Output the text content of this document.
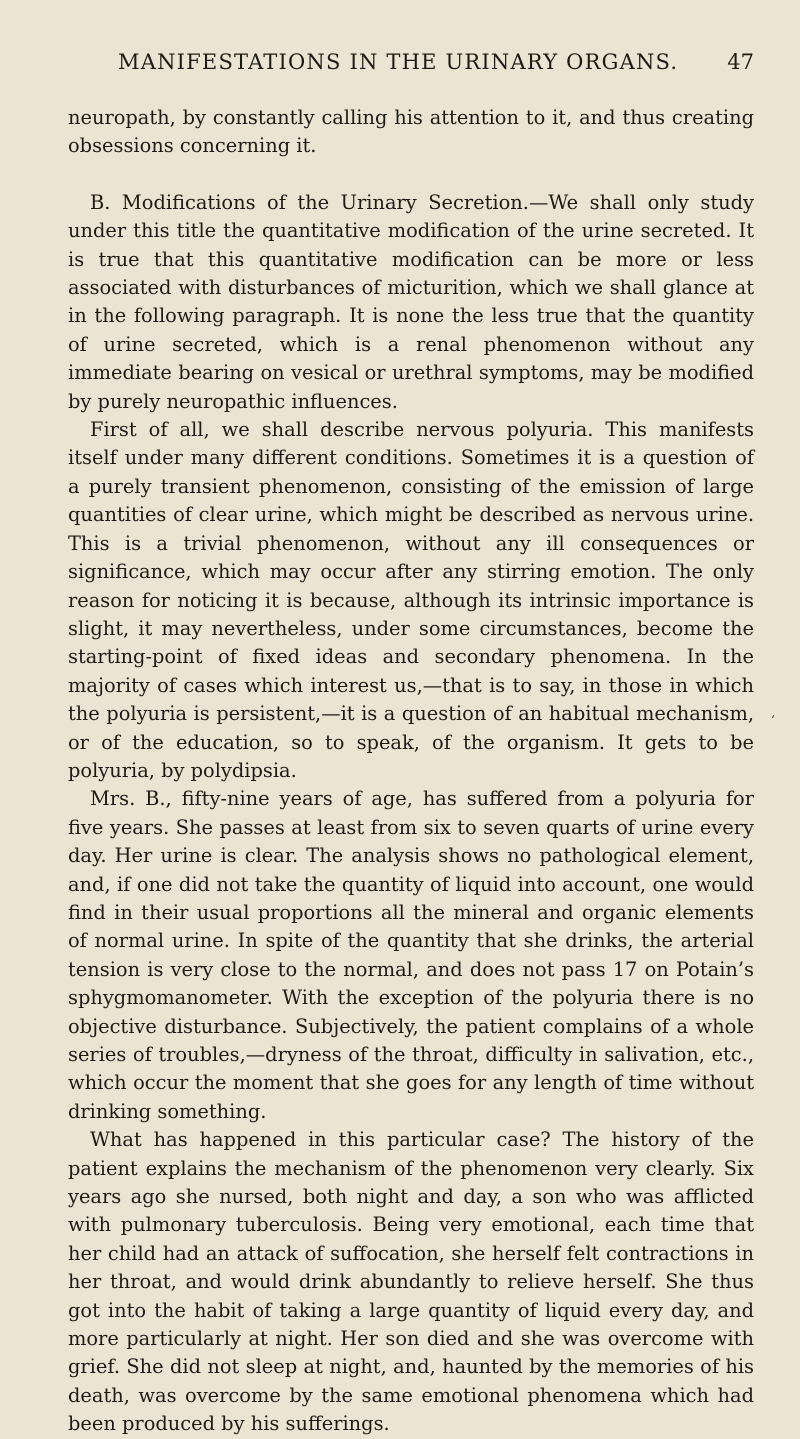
MANIFESTATIONS IN THE URINARY ORGANS. 47

neuropath, by constantly calling his attention to it, and thus creating obsessions concerning it.

B. Modifications of the Urinary Secretion.—We shall only study under this title the quantitative modification of the urine secreted. It is true that this quantitative modification can be more or less associated with disturbances of micturition, which we shall glance at in the following paragraph. It is none the less true that the quantity of urine secreted, which is a renal phenomenon without any immediate bearing on vesical or urethral symptoms, may be modified by purely neuropathic influences.

First of all, we shall describe nervous polyuria. This manifests itself under many different conditions. Sometimes it is a question of a purely transient phenomenon, consisting of the emission of large quantities of clear urine, which might be described as nervous urine. This is a trivial phenomenon, without any ill consequences or significance, which may occur after any stirring emotion. The only reason for noticing it is because, although its intrinsic importance is slight, it may nevertheless, under some circumstances, become the starting-point of fixed ideas and secondary phenomena. In the majority of cases which interest us,—that is to say, in those in which the polyuria is persistent,—it is a question of an habitual mechanism, or of the education, so to speak, of the organism. It gets to be polyuria, by polydipsia.

Mrs. B., fifty-nine years of age, has suffered from a polyuria for five years. She passes at least from six to seven quarts of urine every day. Her urine is clear. The analysis shows no pathological element, and, if one did not take the quantity of liquid into account, one would find in their usual proportions all the mineral and organic elements of normal urine. In spite of the quantity that she drinks, the arterial tension is very close to the normal, and does not pass 17 on Potain’s sphygmomanometer. With the exception of the polyuria there is no objective disturbance. Subjectively, the patient complains of a whole series of troubles,—dryness of the throat, difficulty in salivation, etc., which occur the moment that she goes for any length of time without drinking something.

What has happened in this particular case? The history of the patient explains the mechanism of the phenomenon very clearly. Six years ago she nursed, both night and day, a son who was afflicted with pulmonary tuberculosis. Being very emotional, each time that her child had an attack of suffocation, she herself felt contractions in her throat, and would drink abundantly to relieve herself. She thus got into the habit of taking a large quantity of liquid every day, and more particularly at night. Her son died and she was overcome with grief. She did not sleep at night, and, haunted by the memories of his death, was overcome by the same emotional phenomena which had been produced by his sufferings.

‘
